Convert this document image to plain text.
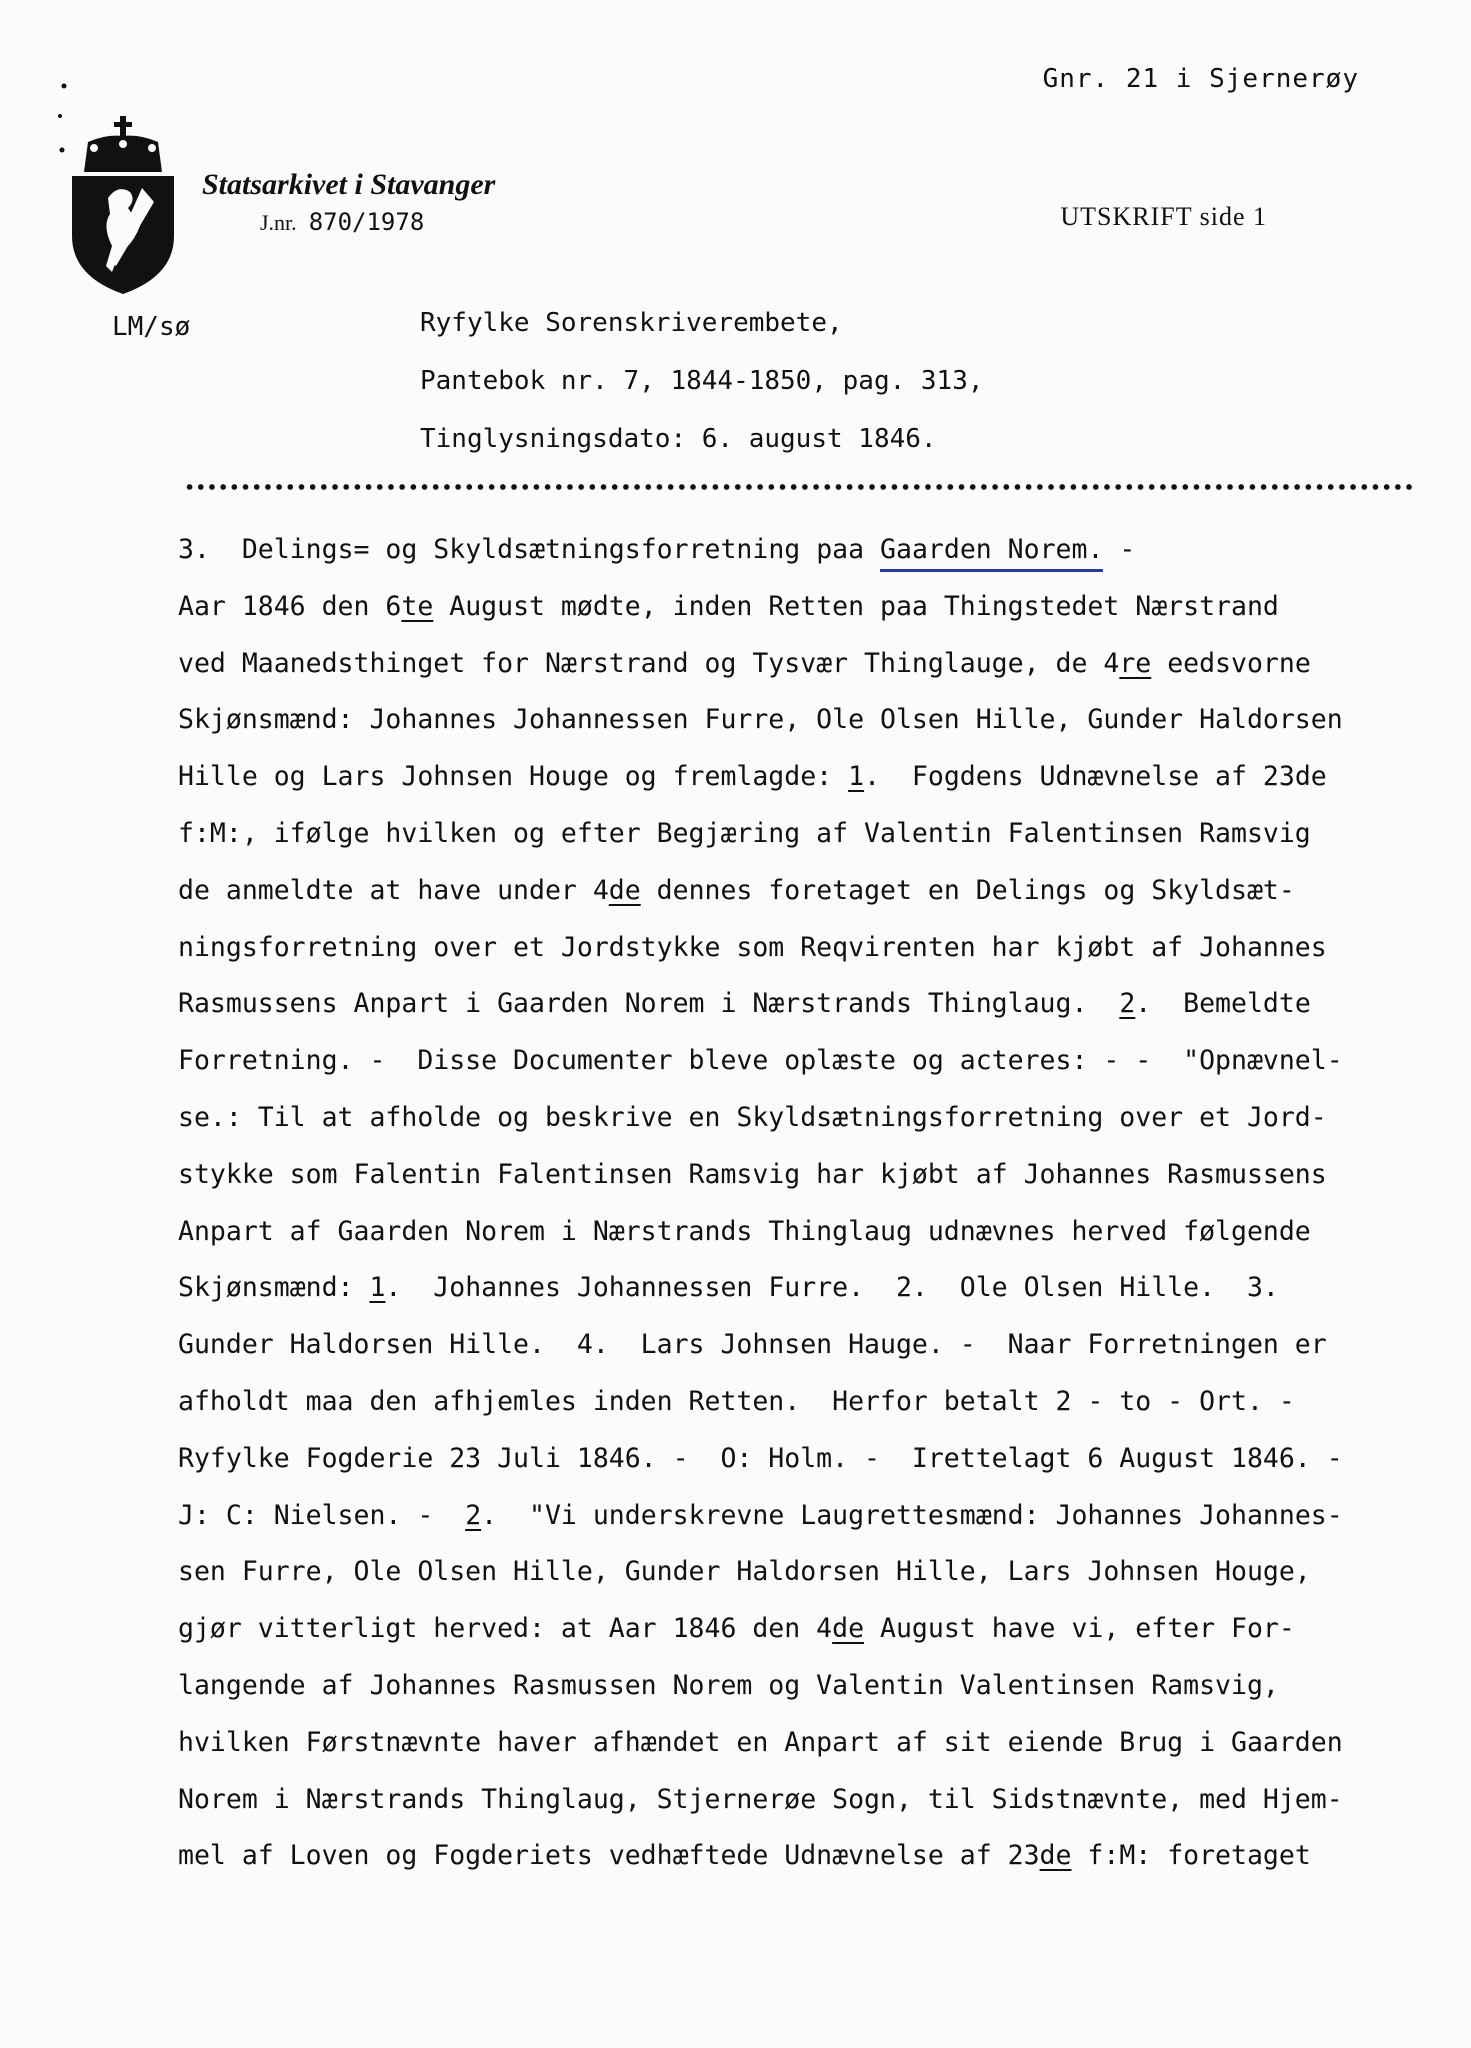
Gnr. 21 i Sjernerøy
Statsarkivet i Stavanger
J.nr. 870/1978	UTSKRIFT side 1
LM/sø	Ryfylke Sorenskriverembete,
Pantebok nr. 7, 1844-1850, pag. 313,
Tinglysningsdato: 6. august 1846.
3. Delings= og Skyldsætningsforretning paa Gaarden Norem. -
Aar 1846 den 6te August mødte, inden Retten paa Thingstedet Nærstrand
ved Maanedsthinget for Nærstrand og Tysvær Thinglauge, de 4re eedsvorne
Skjønsmænd: Johannes Johannessen Furre, Ole Olsen Hille, Gunder Haldorsen
Hille og Lars Johnsen Houge og fremlagde: 1.  Fogdens Udnævnelse af 23de
f:M:, ifølge hvilken og efter Begjæring af Valentin Falentinsen Ramsvig
de anmeldte at have under 4de dennes foretaget en Delings og Skyldsæt-
ningsforretning over et Jordstykke som Reqvirenten har kjøbt af Johannes
Rasmussens Anpart i Gaarden Norem i Nærstrands Thinglaug.  2.  Bemeldte
Forretning. -  Disse Documenter bleve oplæste og acteres: - -  "Opnævnel-
se.: Til at afholde og beskrive en Skyldsætningsforretning over et Jord-
stykke som Falentin Falentinsen Ramsvig har kjøbt af Johannes Rasmussens
Anpart af Gaarden Norem i Nærstrands Thinglaug udnævnes herved følgende
Skjønsmænd: 1.  Johannes Johannessen Furre.  2.  Ole Olsen Hille.  3.
Gunder Haldorsen Hille.  4.  Lars Johnsen Hauge. -  Naar Forretningen er
afholdt maa den afhjemles inden Retten.  Herfor betalt 2 - to - Ort. -
Ryfylke Fogderie 23 Juli 1846. -  O: Holm. -  Irettelagt 6 August 1846. -
J: C: Nielsen. -  2.  "Vi underskrevne Laugrettesmænd: Johannes Johannes-
sen Furre, Ole Olsen Hille, Gunder Haldorsen Hille, Lars Johnsen Houge,
gjør vitterligt herved: at Aar 1846 den 4de August have vi, efter For-
langende af Johannes Rasmussen Norem og Valentin Valentinsen Ramsvig,
hvilken Førstnævnte haver afhændet en Anpart af sit eiende Brug i Gaarden
Norem i Nærstrands Thinglaug, Stjernerøe Sogn, til Sidstnævnte, med Hjem-
mel af Loven og Fogderiets vedhæftede Udnævnelse af 23de f:M: foretaget
